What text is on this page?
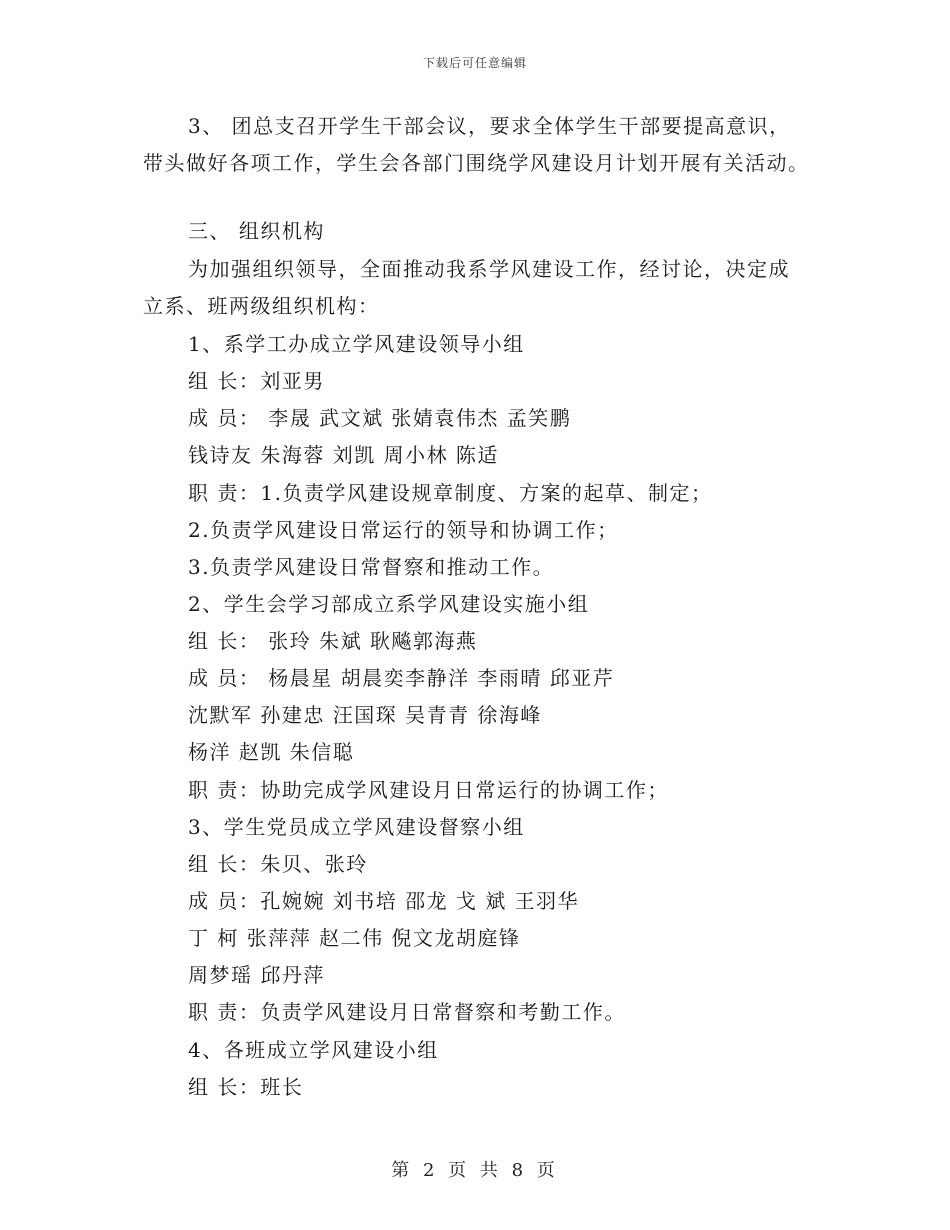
下载后可任意编辑
3、 团总支召开学生干部会议，要求全体学生干部要提高意识，
带头做好各项工作，学生会各部门围绕学风建设月计划开展有关活动。
三、 组织机构
为加强组织领导，全面推动我系学风建设工作，经讨论，决定成
立系、班两级组织机构：
1、系学工办成立学风建设领导小组
组 长：刘亚男
成 员： 李晟 武文斌 张婧袁伟杰 孟笑鹏
钱诗友 朱海蓉 刘凯 周小林 陈适
职 责：1.负责学风建设规章制度、方案的起草、制定；
2.负责学风建设日常运行的领导和协调工作；
3.负责学风建设日常督察和推动工作。
2、学生会学习部成立系学风建设实施小组
组 长： 张玲 朱斌 耿飚郭海燕
成 员： 杨晨星 胡晨奕李静洋 李雨晴 邱亚芹
沈默军 孙建忠 汪国琛 吴青青 徐海峰
杨洋 赵凯 朱信聪
职 责：协助完成学风建设月日常运行的协调工作；
3、学生党员成立学风建设督察小组
组 长：朱贝、张玲
成 员：孔婉婉 刘书培 邵龙 戈 斌 王羽华
丁 柯 张萍萍 赵二伟 倪文龙胡庭锋
周梦瑶 邱丹萍
职 责：负责学风建设月日常督察和考勤工作。
4、各班成立学风建设小组
组 长：班长
第 2 页 共 8 页
